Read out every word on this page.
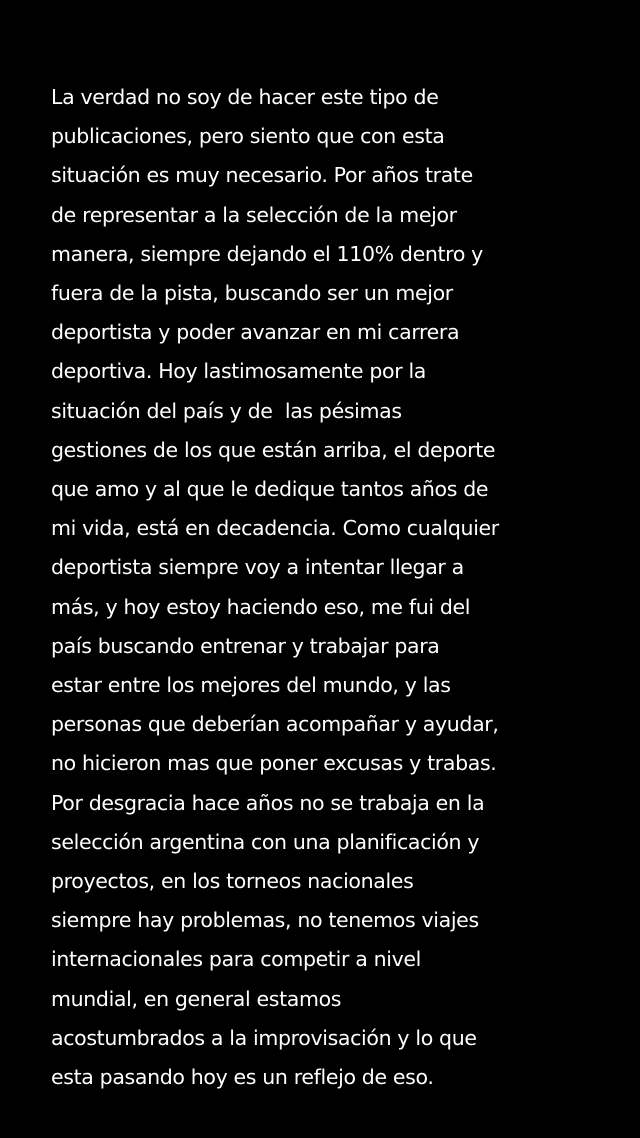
La verdad no soy de hacer este tipo de
publicaciones, pero siento que con esta
situación es muy necesario. Por años trate
de representar a la selección de la mejor
manera, siempre dejando el 110% dentro y
fuera de la pista, buscando ser un mejor
deportista y poder avanzar en mi carrera
deportiva. Hoy lastimosamente por la
situación del país y de  las pésimas
gestiones de los que están arriba, el deporte
que amo y al que le dedique tantos años de
mi vida, está en decadencia. Como cualquier
deportista siempre voy a intentar llegar a
más, y hoy estoy haciendo eso, me fui del
país buscando entrenar y trabajar para
estar entre los mejores del mundo, y las
personas que deberían acompañar y ayudar,
no hicieron mas que poner excusas y trabas.
Por desgracia hace años no se trabaja en la
selección argentina con una planificación y
proyectos, en los torneos nacionales
siempre hay problemas, no tenemos viajes
internacionales para competir a nivel
mundial, en general estamos
acostumbrados a la improvisación y lo que
esta pasando hoy es un reflejo de eso.
